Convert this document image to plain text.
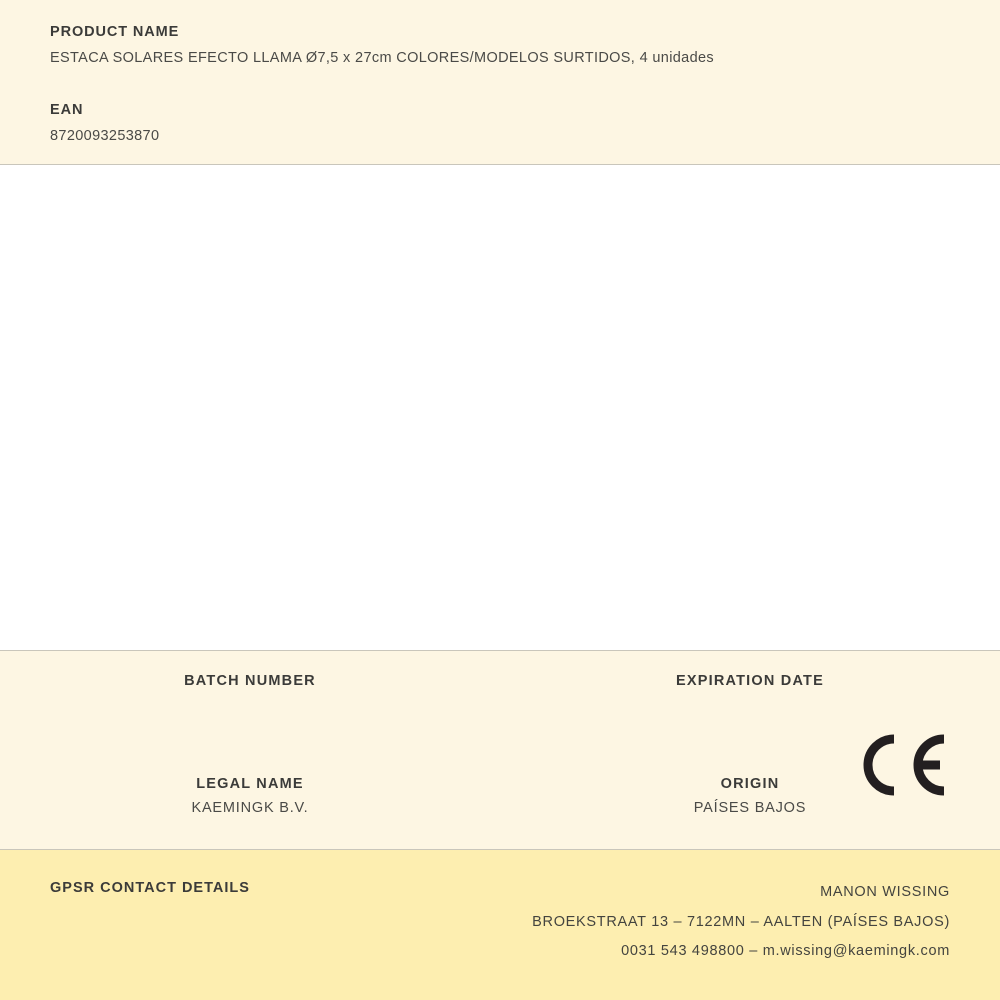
PRODUCT NAME

ESTACA SOLARES EFECTO LLAMA Ø7,5 x 27cm COLORES/MODELOS SURTIDOS, 4 unidades

EAN

8720093253870

BATCH NUMBER	EXPIRATION DATE

LEGAL NAME

KAEMINGK B.V.

ORIGIN

PAÍSES BAJOS

GPSR CONTACT DETAILS	MANON WISSING
BROEKSTRAAT 13 – 7122MN – AALTEN (PAÍSES BAJOS)
0031 543 498800 – m.wissing@kaemingk.com
